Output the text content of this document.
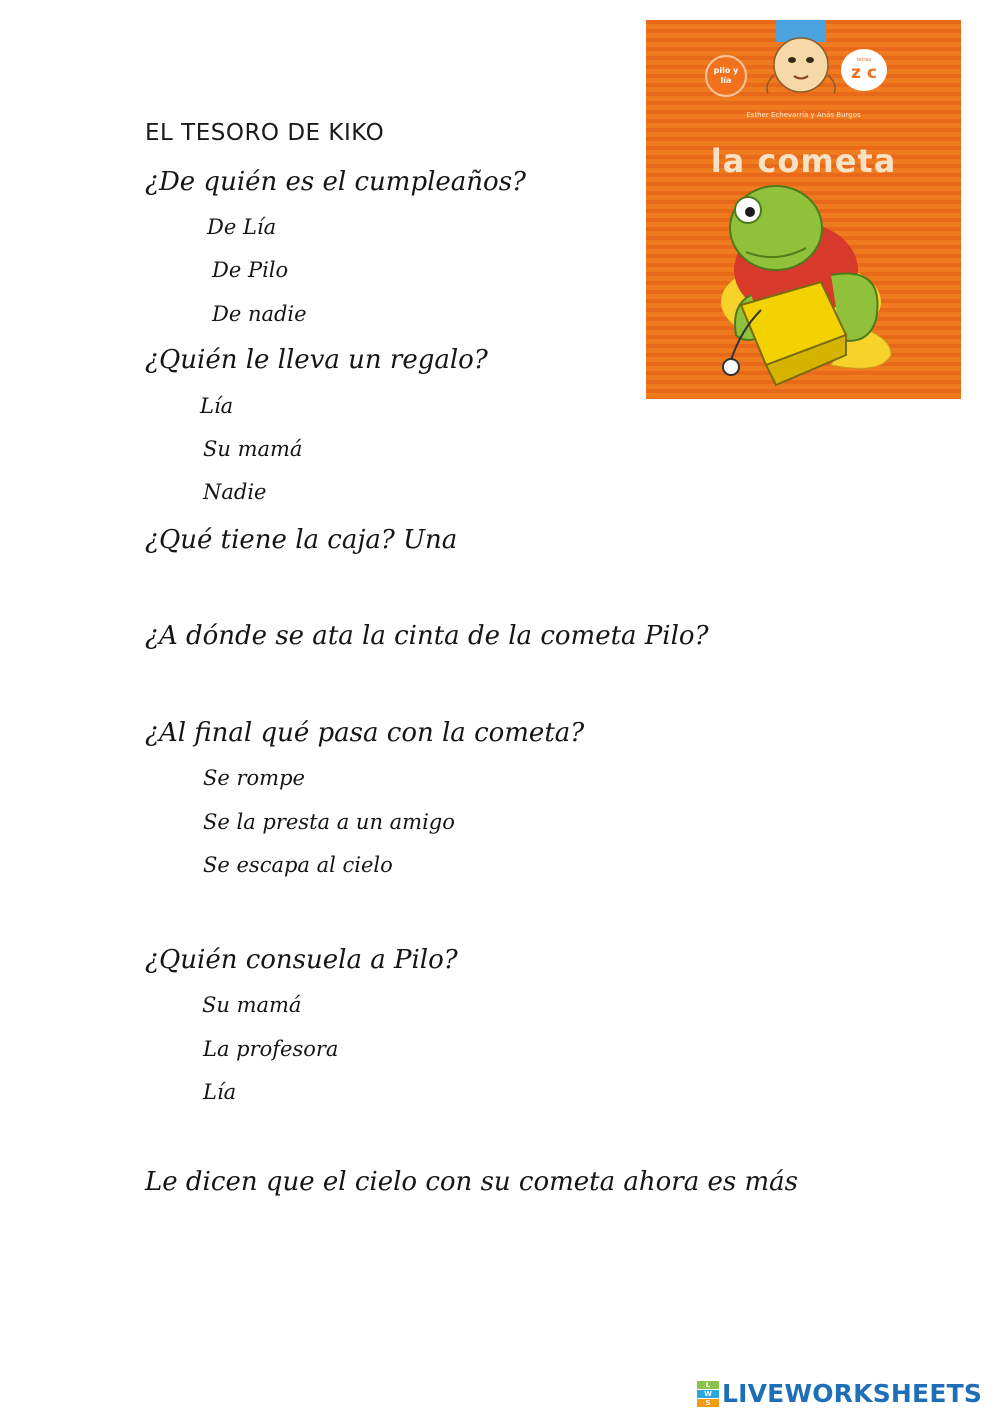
EL TESORO DE KIKO

¿De quién es el cumpleaños?

De Lía

De Pilo

De nadie

¿Quién le lleva un regalo?

Lía

Su mamá

Nadie

¿Qué tiene la caja? Una

¿A dónde se ata la cinta de la cometa Pilo?

¿Al final qué pasa con la cometa?

Se rompe

Se la presta a un amigo

Se escapa al cielo

¿Quién consuela a Pilo?

Su mamá

La profesora

Lía

Le dicen que el cielo con su cometa ahora es más

pilo y lía
letras
z c
Esther Echevarría y Anás Burgos
la cometa
L
W
S LIVEWORKSHEETS
